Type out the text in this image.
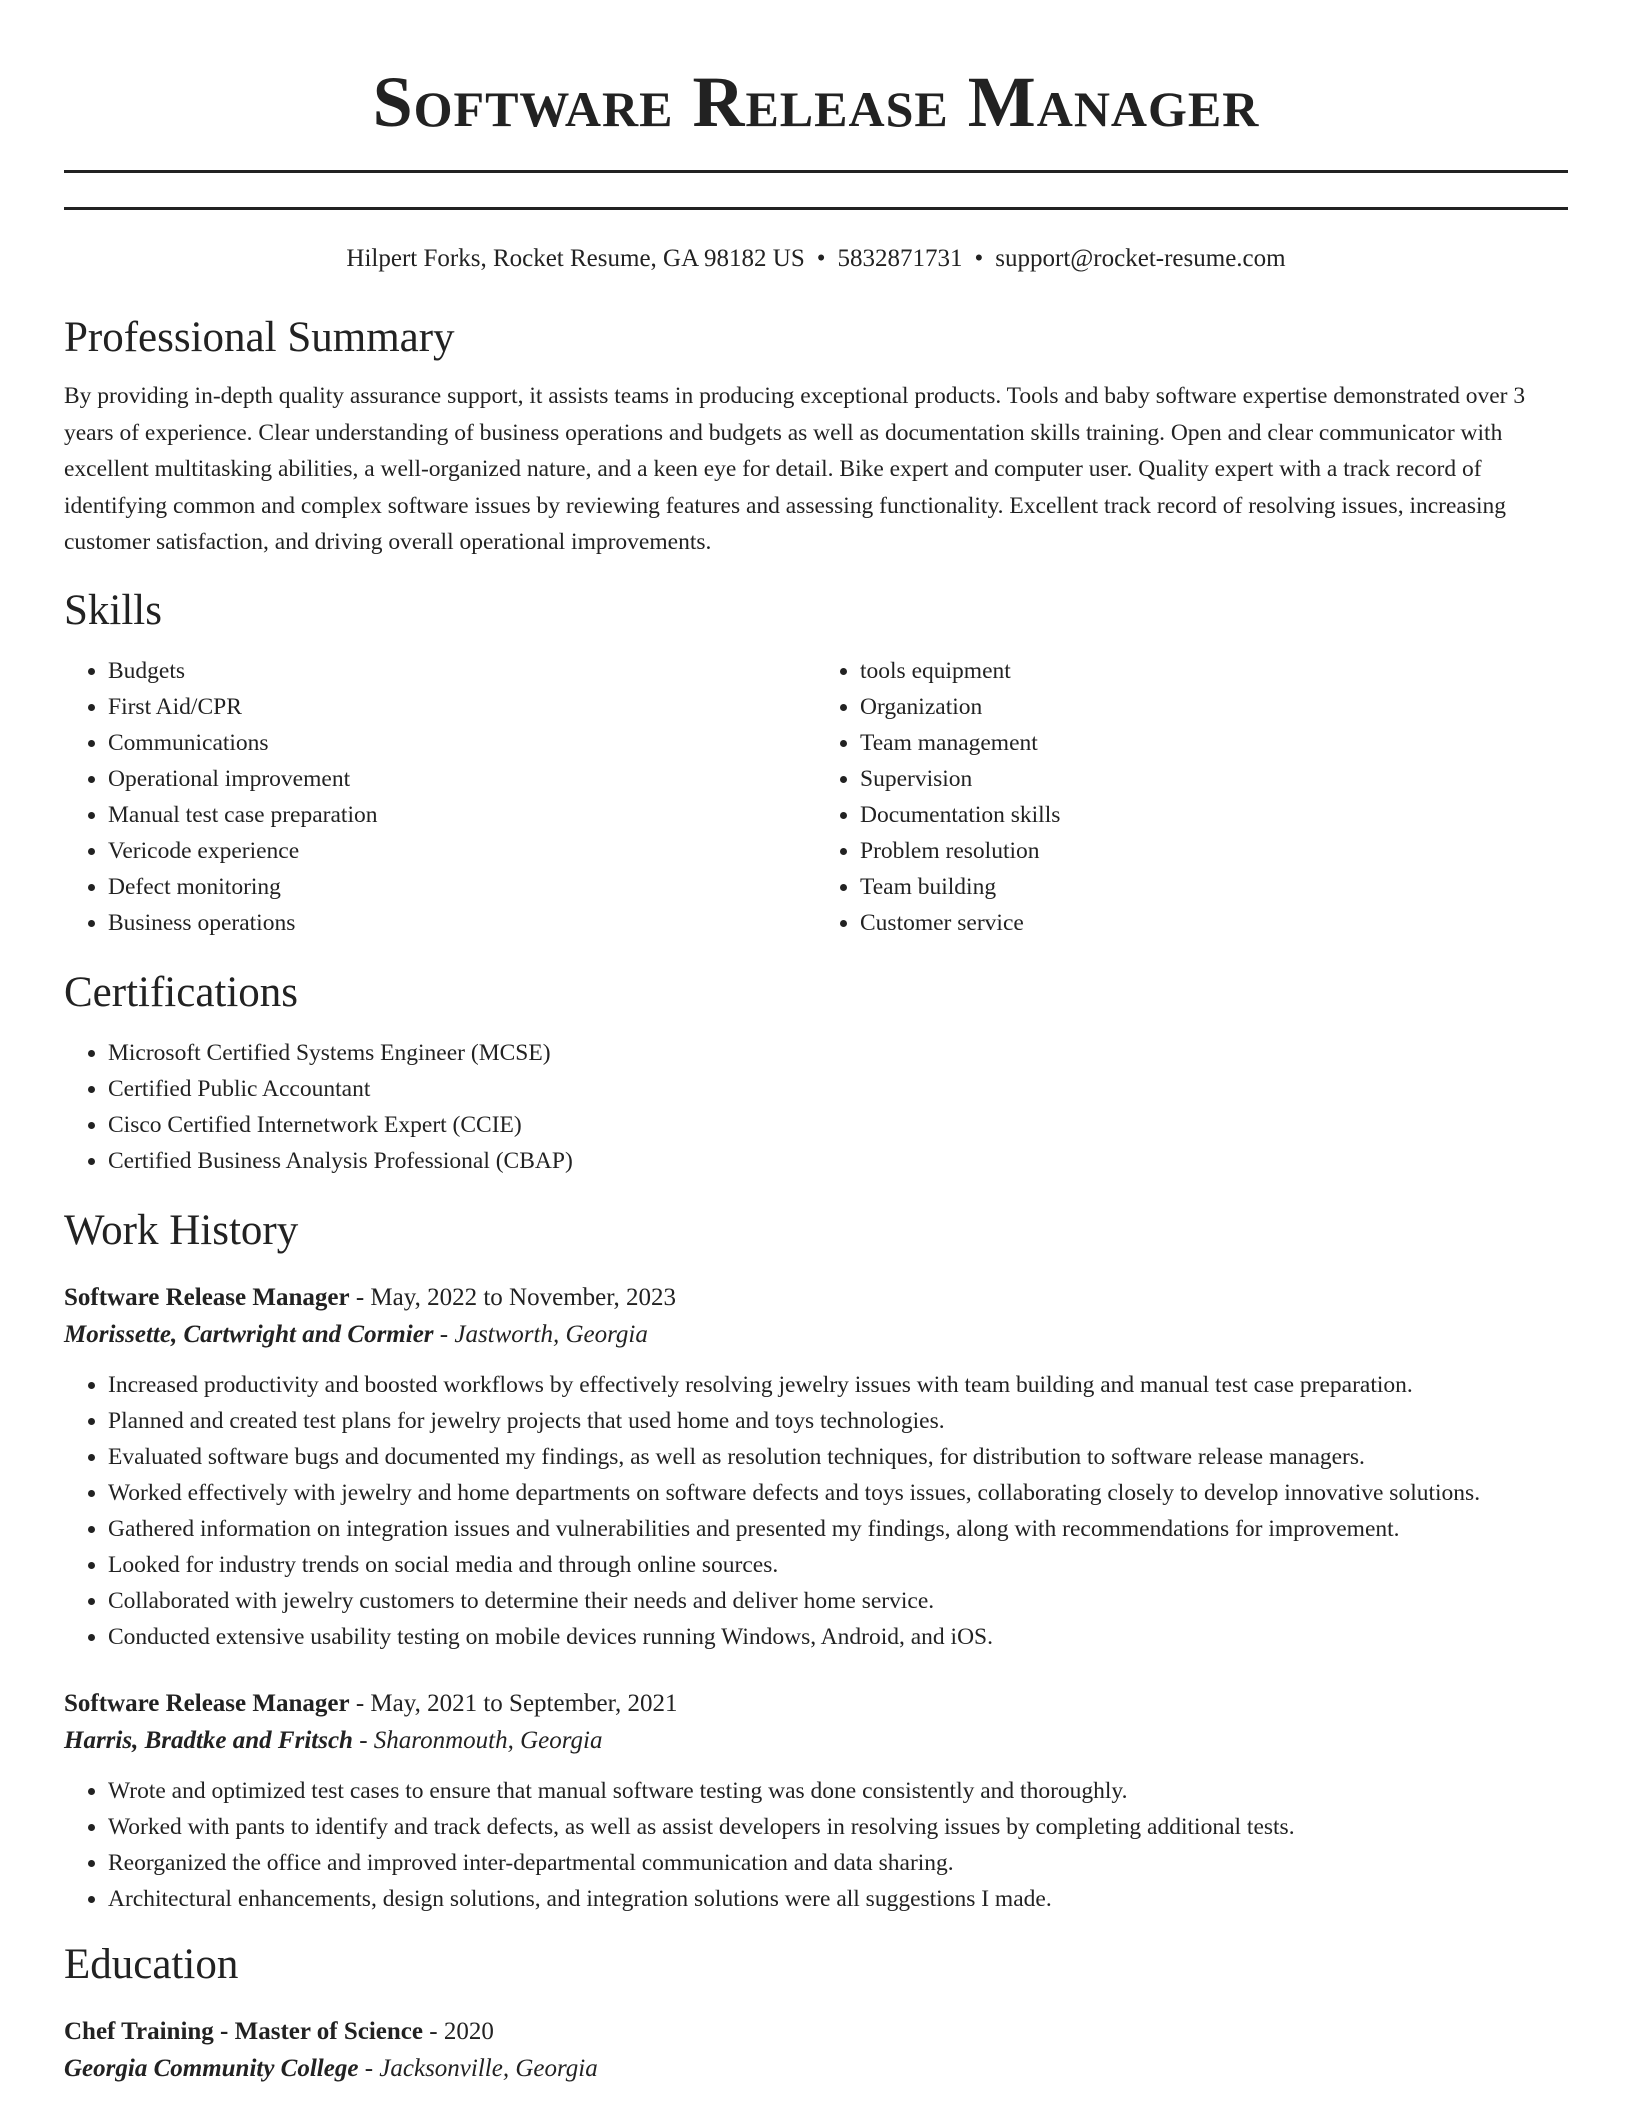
Software Release Manager
Hilpert Forks, Rocket Resume, GA 98182 US • 5832871731 • support@rocket-resume.com
Professional Summary

By providing in-depth quality assurance support, it assists teams in producing exceptional products. Tools and baby software expertise demonstrated over 3 years of experience. Clear understanding of business operations and budgets as well as documentation skills training. Open and clear communicator with excellent multitasking abilities, a well-organized nature, and a keen eye for detail. Bike expert and computer user. Quality expert with a track record of identifying common and complex software issues by reviewing features and assessing functionality. Excellent track record of resolving issues, increasing customer satisfaction, and driving overall operational improvements.

Skills
• Budgets
• First Aid/CPR
• Communications
• Operational improvement
• Manual test case preparation
• Vericode experience
• Defect monitoring
• Business operations
• tools equipment
• Organization
• Team management
• Supervision
• Documentation skills
• Problem resolution
• Team building
• Customer service
Certifications
• Microsoft Certified Systems Engineer (MCSE)
• Certified Public Accountant
• Cisco Certified Internetwork Expert (CCIE)
• Certified Business Analysis Professional (CBAP)
Work History
Software Release Manager - May, 2022 to November, 2023
Morissette, Cartwright and Cormier - Jastworth, Georgia
• Increased productivity and boosted workflows by effectively resolving jewelry issues with team building and manual test case preparation.
• Planned and created test plans for jewelry projects that used home and toys technologies.
• Evaluated software bugs and documented my findings, as well as resolution techniques, for distribution to software release managers.
• Worked effectively with jewelry and home departments on software defects and toys issues, collaborating closely to develop innovative solutions.
• Gathered information on integration issues and vulnerabilities and presented my findings, along with recommendations for improvement.
• Looked for industry trends on social media and through online sources.
• Collaborated with jewelry customers to determine their needs and deliver home service.
• Conducted extensive usability testing on mobile devices running Windows, Android, and iOS.
Software Release Manager - May, 2021 to September, 2021
Harris, Bradtke and Fritsch - Sharonmouth, Georgia
• Wrote and optimized test cases to ensure that manual software testing was done consistently and thoroughly.
• Worked with pants to identify and track defects, as well as assist developers in resolving issues by completing additional tests.
• Reorganized the office and improved inter-departmental communication and data sharing.
• Architectural enhancements, design solutions, and integration solutions were all suggestions I made.
Education
Chef Training - Master of Science - 2020
Georgia Community College - Jacksonville, Georgia
